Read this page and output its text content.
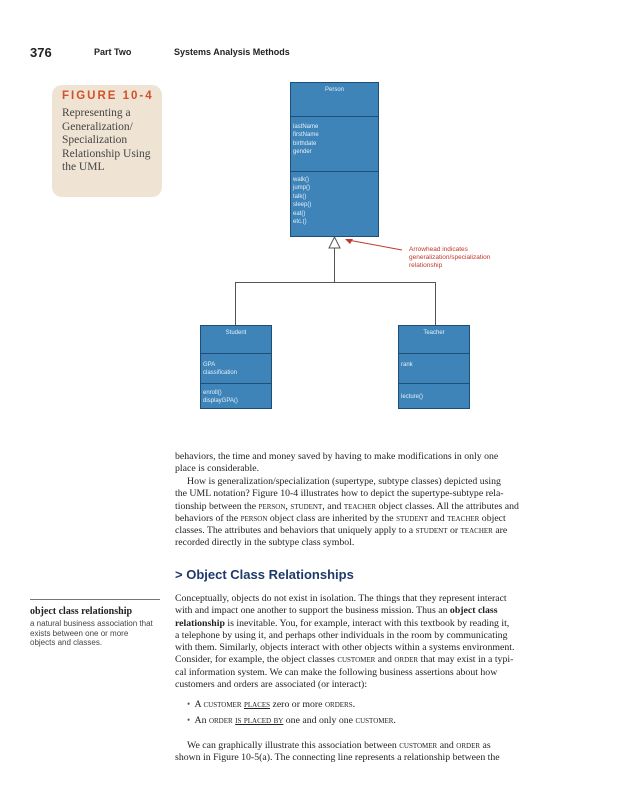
376	Part Two	Systems Analysis Methods
FIGURE 10-4
Representing a Generalization/ Specialization Relationship Using the UML
Person
lastName
firstName
birthdate
gender
walk()
jump()
talk()
sleep()
eat()
etc.()
Arrowhead indicates
generalization/specialization
relationship
Student
GPA
classification
enroll()
displayGPA()
Teacher
rank
lecture()
behaviors, the time and money saved by having to make modifications in only one
place is considerable.
How is generalization/specialization (supertype, subtype classes) depicted using
the UML notation? Figure 10-4 illustrates how to depict the supertype-subtype rela-
tionship between the person, student, and teacher object classes. All the attributes and
behaviors of the person object class are inherited by the student and teacher object
classes. The attributes and behaviors that uniquely apply to a student or teacher are
recorded directly in the subtype class symbol.
> Object Class Relationships
object class relationship
a natural business association that exists between one or more objects and classes.
Conceptually, objects do not exist in isolation. The things that they represent interact
with and impact one another to support the business mission. Thus an object class
relationship is inevitable. You, for example, interact with this textbook by reading it,
a telephone by using it, and perhaps other individuals in the room by communicating
with them. Similarly, objects interact with other objects within a systems environment.
Consider, for example, the object classes customer and order that may exist in a typi-
cal information system. We can make the following business assertions about how
customers and orders are associated (or interact):
• A customer places zero or more orders.
• An order is placed by one and only one customer.
We can graphically illustrate this association between customer and order as
shown in Figure 10-5(a). The connecting line represents a relationship between the
